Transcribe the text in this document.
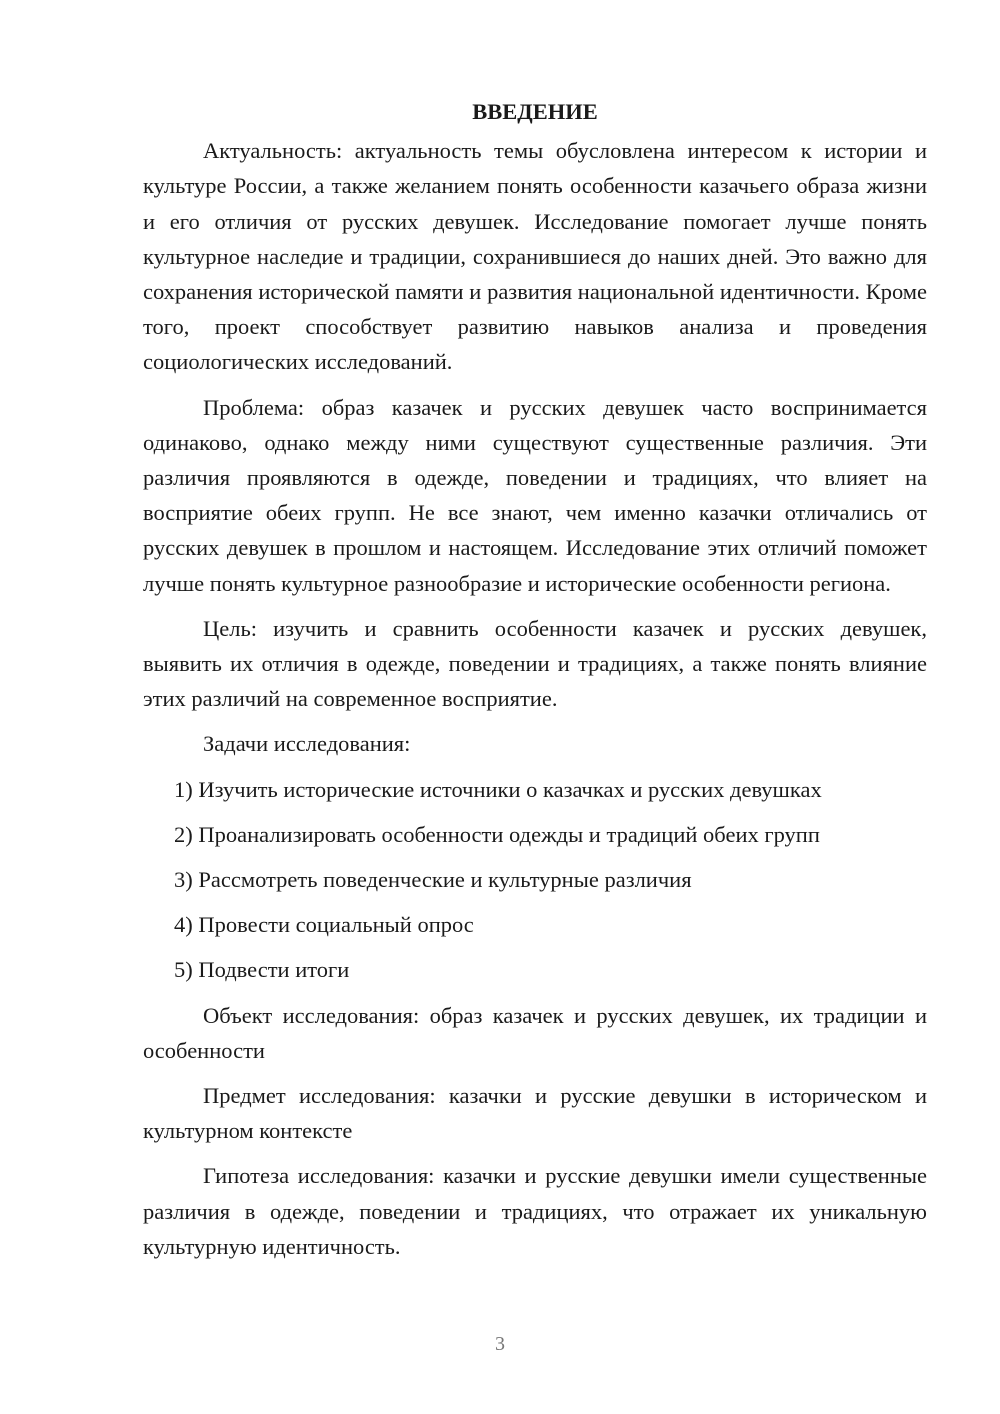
ВВЕДЕНИЕ

Актуальность: актуальность темы обусловлена интересом к истории и культуре России, а также желанием понять особенности казачьего образа жизни и его отличия от русских девушек. Исследование помогает лучше понять культурное наследие и традиции, сохранившиеся до наших дней. Это важно для сохранения исторической памяти и развития национальной идентичности. Кроме того, проект способствует развитию навыков анализа и проведения социологических исследований.

Проблема: образ казачек и русских девушек часто воспринимается одинаково, однако между ними существуют существенные различия. Эти различия проявляются в одежде, поведении и традициях, что влияет на восприятие обеих групп. Не все знают, чем именно казачки отличались от русских девушек в прошлом и настоящем. Исследование этих отличий поможет лучше понять культурное разнообразие и исторические особенности региона.

Цель: изучить и сравнить особенности казачек и русских девушек, выявить их отличия в одежде, поведении и традициях, а также понять влияние этих различий на современное восприятие.

Задачи исследования:

1) Изучить исторические источники о казачках и русских девушках
2) Проанализировать особенности одежды и традиций обеих групп
3) Рассмотреть поведенческие и культурные различия
4) Провести социальный опрос
5) Подвести итоги

Объект исследования: образ казачек и русских девушек, их традиции и особенности

Предмет исследования: казачки и русские девушки в историческом и культурном контексте

Гипотеза исследования: казачки и русские девушки имели существенные различия в одежде, поведении и традициях, что отражает их уникальную культурную идентичность.

3
